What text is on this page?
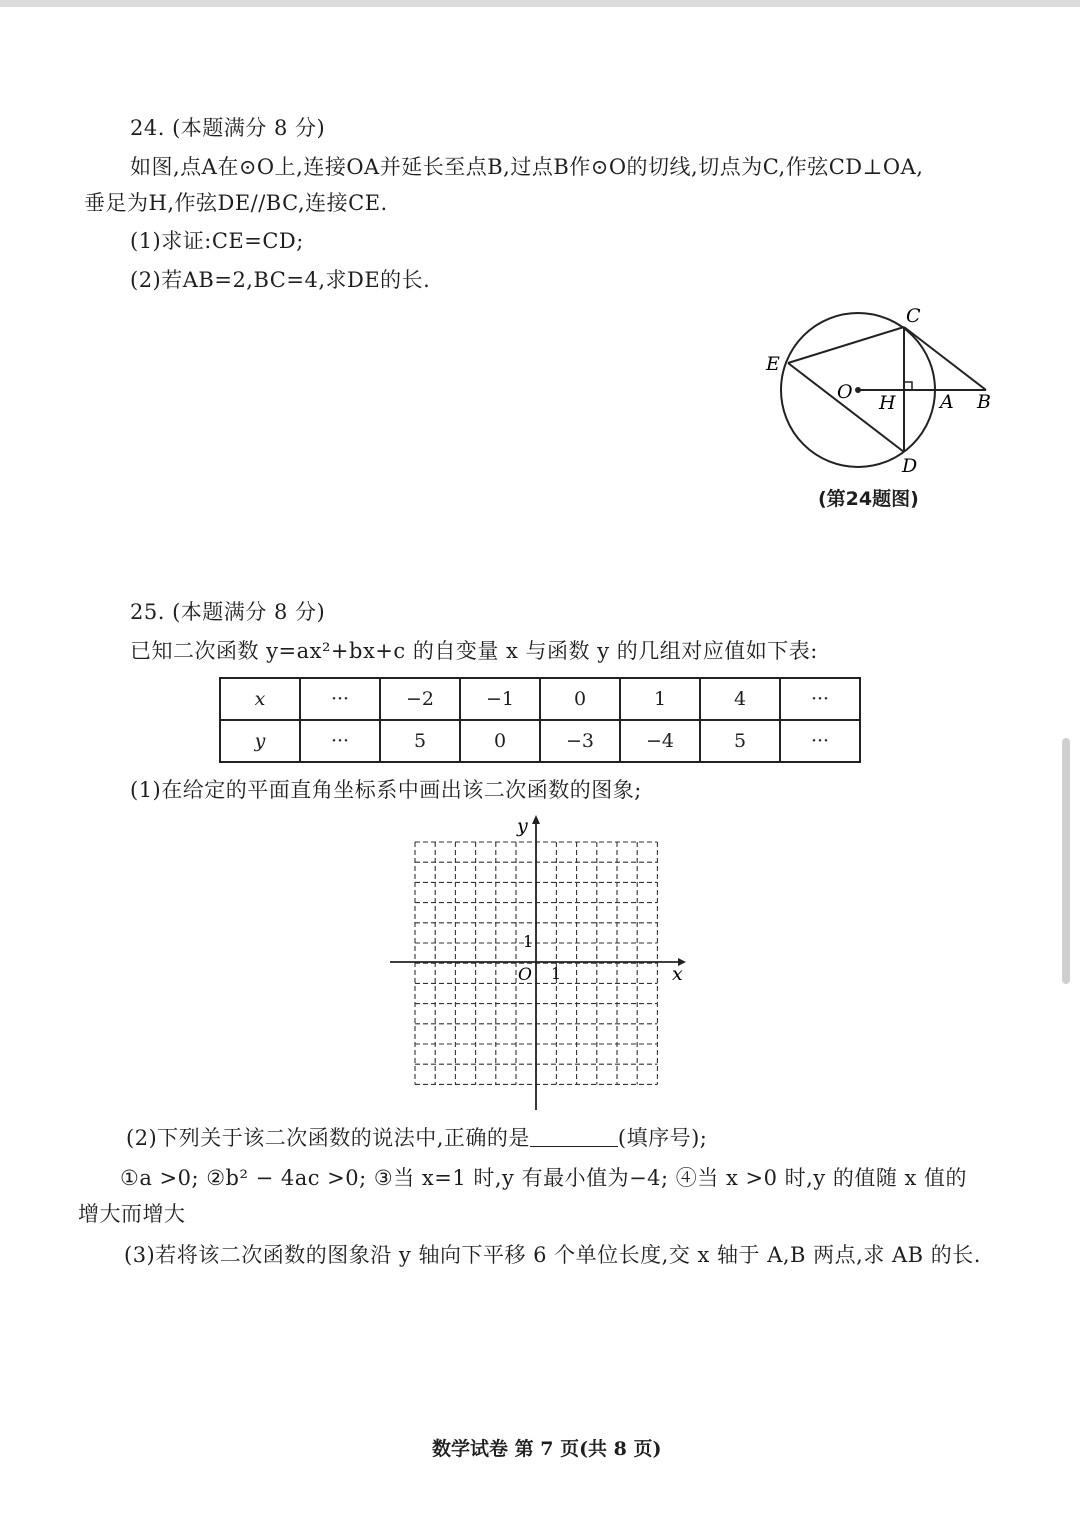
24. (本题满分 8 分)
如图,点A在⊙O上,连接OA并延长至点B,过点B作⊙O的切线,切点为C,作弦CD⊥OA,
垂足为H,作弦DE//BC,连接CE.
(1)求证:CE=CD;
(2)若AB=2,BC=4,求DE的长.
C
E
O H A B
D
(第24题图)
25. (本题满分 8 分)
已知二次函数 y=ax²+bx+c 的自变量 x 与函数 y 的几组对应值如下表:
x	···	−2	−1	0	1	4	···
y	···	5	0	−3	−4	5	···
(1)在给定的平面直角坐标系中画出该二次函数的图象;
y
x
O 1
1
(2)下列关于该二次函数的说法中,正确的是	(填序号);
①a >0; ②b² − 4ac >0; ③当 x=1 时,y 有最小值为−4; ④当 x >0 时,y 的值随 x 值的
增大而增大
(3)若将该二次函数的图象沿 y 轴向下平移 6 个单位长度,交 x 轴于 A,B 两点,求 AB 的长.
数学试卷 第 7 页(共 8 页)
